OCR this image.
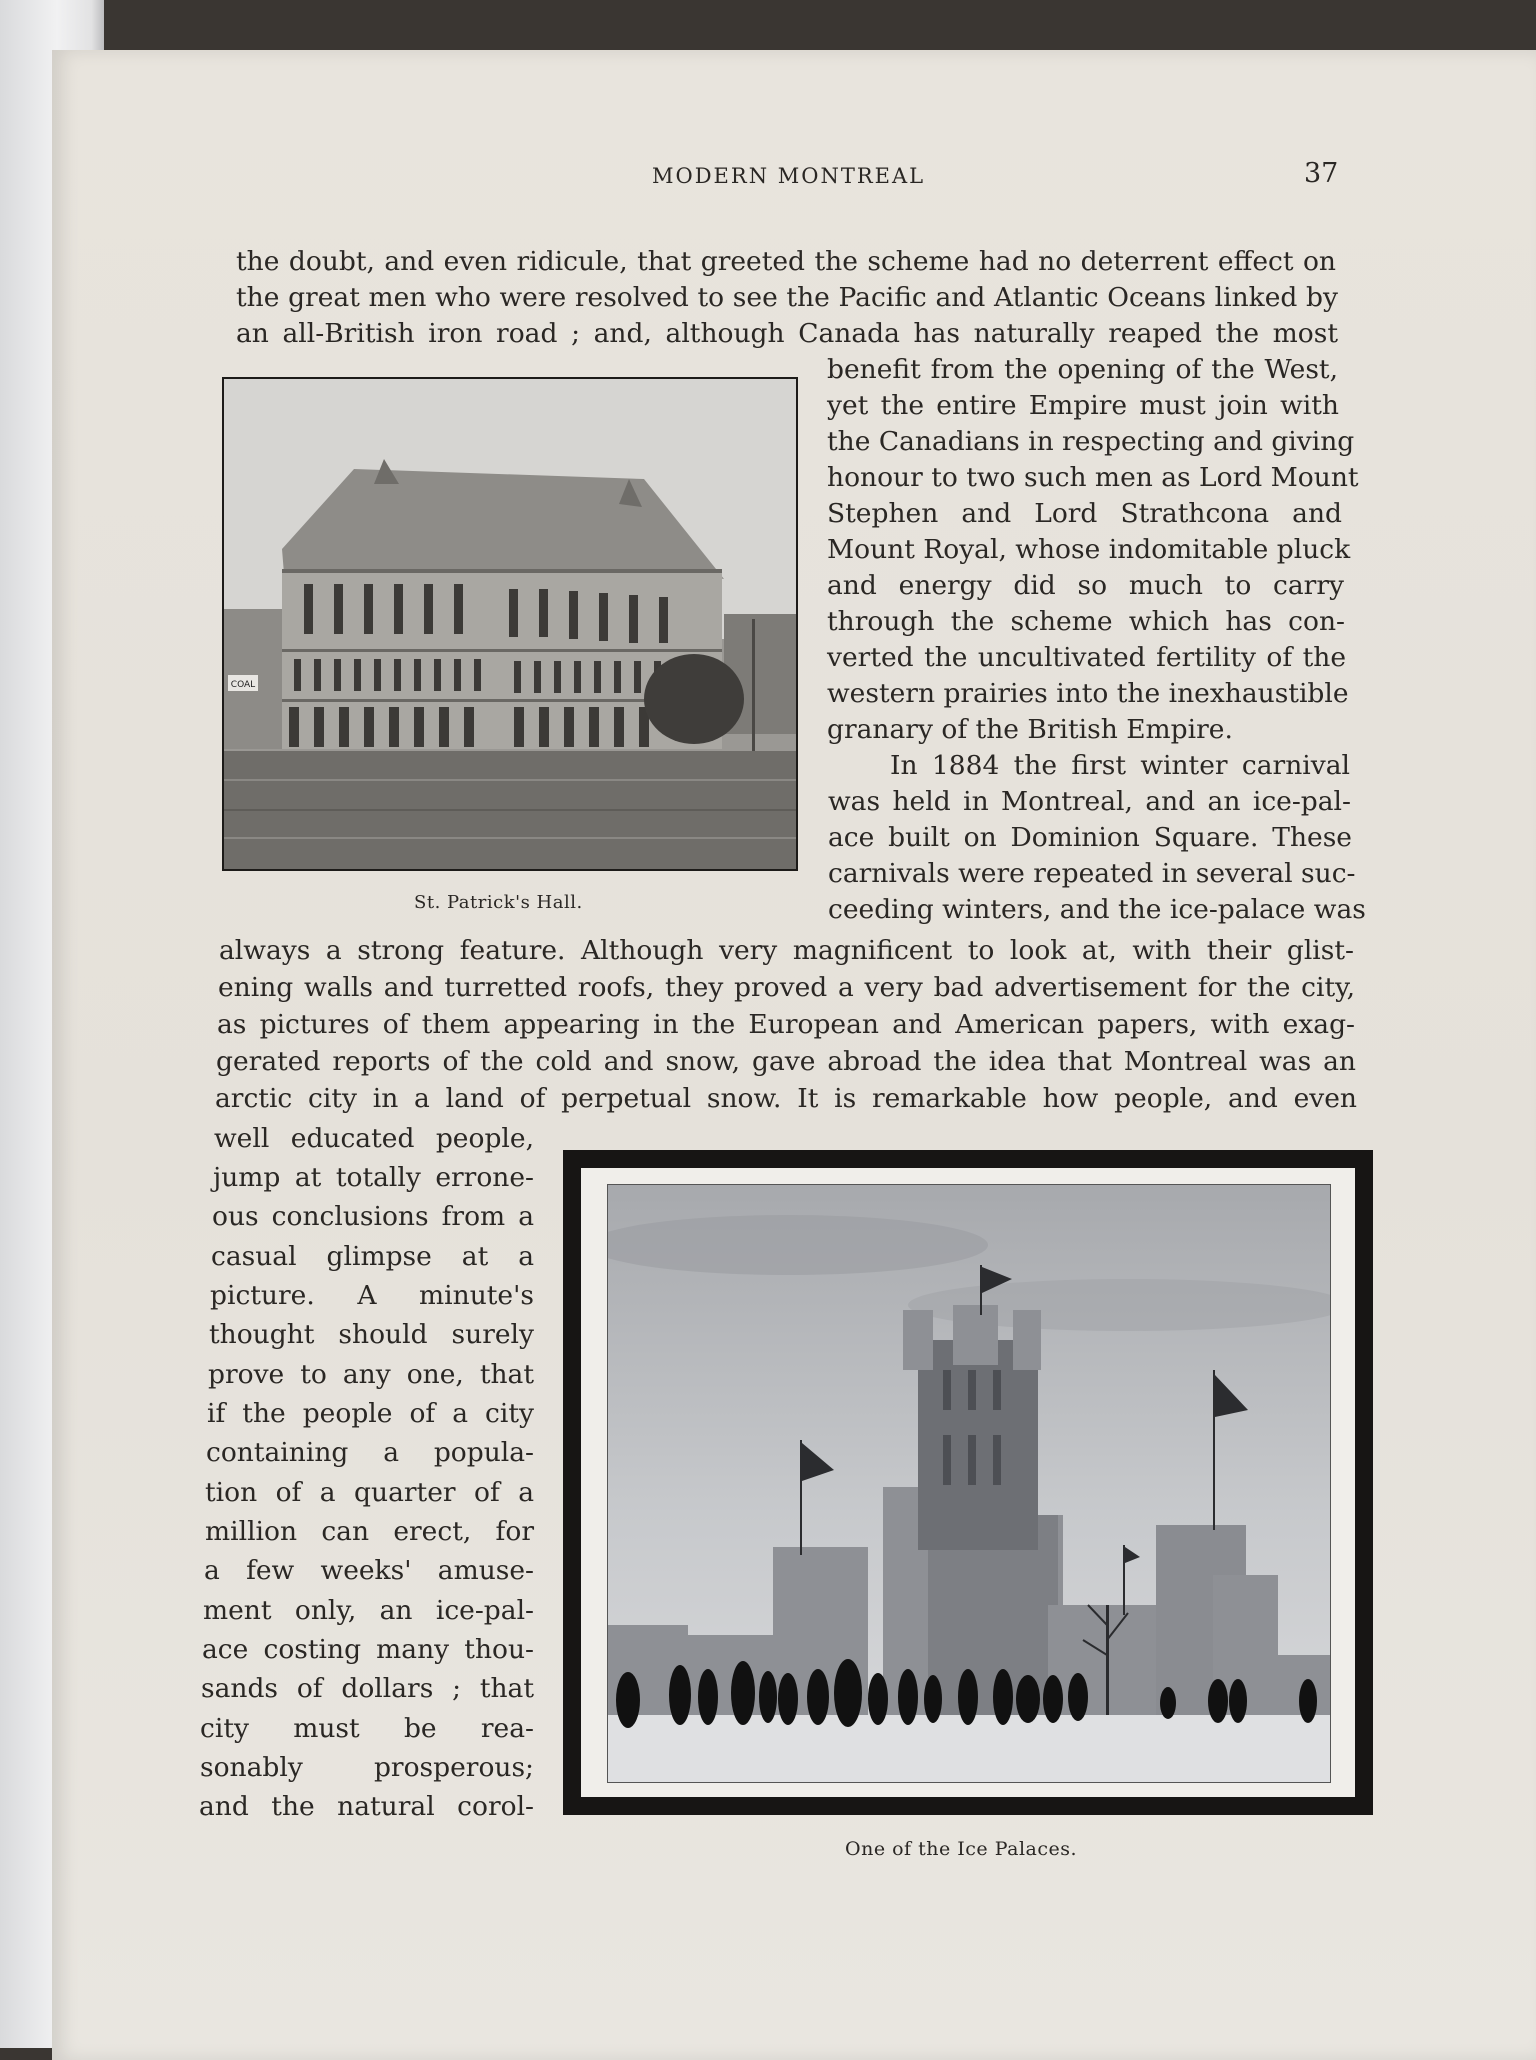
MODERN MONTREAL	37
the doubt, and even ridicule, that greeted the scheme had no deterrent effect on
the great men who were resolved to see the Pacific and Atlantic Oceans linked by
an all-British iron road ; and, although Canada has naturally reaped the most
benefit from the opening of the West,
yet the entire Empire must join with
the Canadians in respecting and giving
honour to two such men as Lord Mount
Stephen and Lord Strathcona and
Mount Royal, whose indomitable pluck
and energy did so much to carry
through the scheme which has con-
verted the uncultivated fertility of the
western prairies into the inexhaustible
granary of the British Empire.
In 1884 the first winter carnival
was held in Montreal, and an ice-pal-
ace built on Dominion Square. These
carnivals were repeated in several suc-
ceeding winters, and the ice-palace was
always a strong feature. Although very magnificent to look at, with their glist-
ening walls and turretted roofs, they proved a very bad advertisement for the city,
as pictures of them appearing in the European and American papers, with exag-
gerated reports of the cold and snow, gave abroad the idea that Montreal was an
arctic city in a land of perpetual snow. It is remarkable how people, and even
well educated people,
jump at totally errone-
ous conclusions from a
casual glimpse at a
picture. A minute's
thought should surely
prove to any one, that
if the people of a city
containing a popula-
tion of a quarter of a
million can erect, for
a few weeks' amuse-
ment only, an ice-pal-
ace costing many thou-
sands of dollars ; that
city must be rea-
sonably prosperous;
and the natural corol-
COAL
St. Patrick's Hall.
One of the Ice Palaces.
